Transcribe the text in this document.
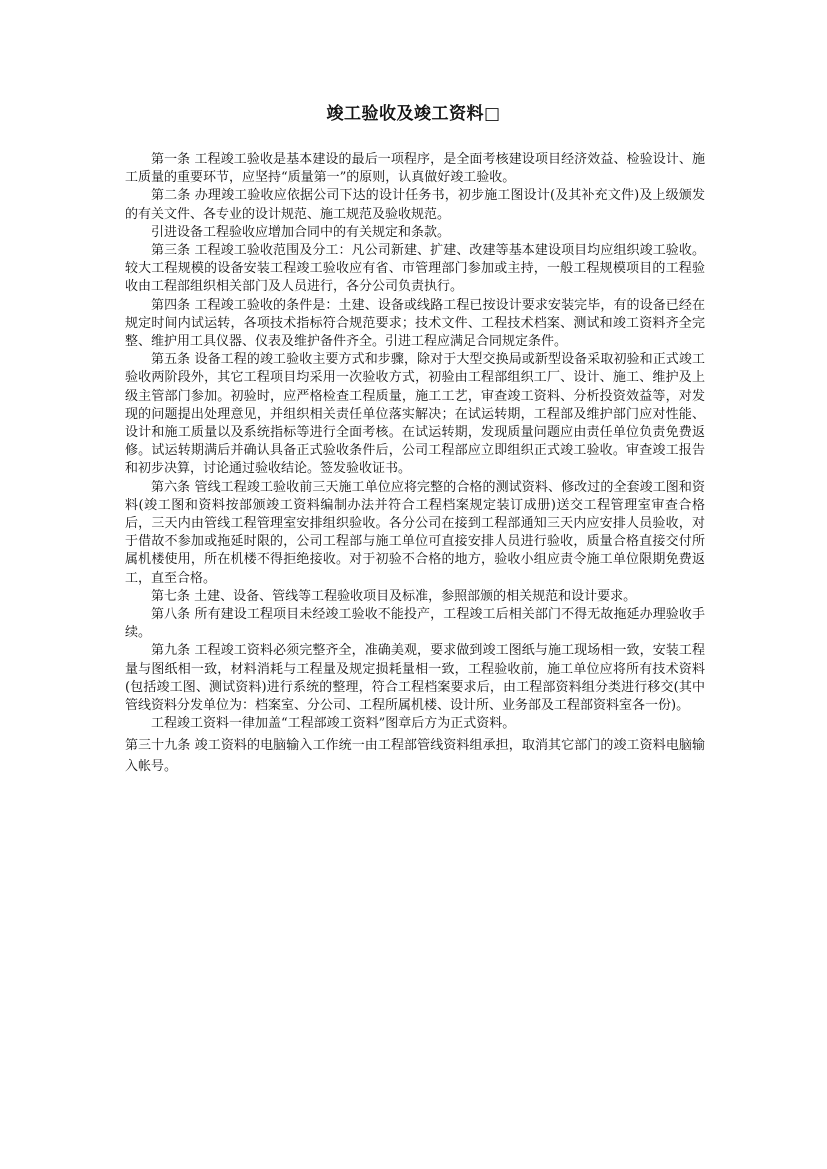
竣工验收及竣工资料□

第一条 工程竣工验收是基本建设的最后一项程序，是全面考核建设项目经济效益、检验设计、施工质量的重要环节，应坚持“质量第一”的原则，认真做好竣工验收。

第二条 办理竣工验收应依据公司下达的设计任务书，初步施工图设计(及其补充文件)及上级颁发的有关文件、各专业的设计规范、施工规范及验收规范。

引进设备工程验收应增加合同中的有关规定和条款。

第三条 工程竣工验收范围及分工：凡公司新建、扩建、改建等基本建设项目均应组织竣工验收。较大工程规模的设备安装工程竣工验收应有省、市管理部门参加或主持，一般工程规模项目的工程验收由工程部组织相关部门及人员进行，各分公司负责执行。

第四条 工程竣工验收的条件是：土建、设备或线路工程已按设计要求安装完毕，有的设备已经在规定时间内试运转，各项技术指标符合规范要求；技术文件、工程技术档案、测试和竣工资料齐全完整、维护用工具仪器、仪表及维护备件齐全。引进工程应满足合同规定条件。

第五条 设备工程的竣工验收主要方式和步骤，除对于大型交换局或新型设备采取初验和正式竣工验收两阶段外，其它工程项目均采用一次验收方式，初验由工程部组织工厂、设计、施工、维护及上级主管部门参加。初验时，应严格检查工程质量，施工工艺，审查竣工资料、分析投资效益等，对发现的问题提出处理意见，并组织相关责任单位落实解决；在试运转期，工程部及维护部门应对性能、设计和施工质量以及系统指标等进行全面考核。在试运转期，发现质量问题应由责任单位负责免费返修。试运转期满后并确认具备正式验收条件后，公司工程部应立即组织正式竣工验收。审查竣工报告和初步决算，讨论通过验收结论。签发验收证书。

第六条 管线工程竣工验收前三天施工单位应将完整的合格的测试资料、修改过的全套竣工图和资料(竣工图和资料按部颁竣工资料编制办法并符合工程档案规定装订成册)送交工程管理室审查合格后，三天内由管线工程管理室安排组织验收。各分公司在接到工程部通知三天内应安排人员验收，对于借故不参加或拖延时限的，公司工程部与施工单位可直接安排人员进行验收，质量合格直接交付所属机楼使用，所在机楼不得拒绝接收。对于初验不合格的地方，验收小组应责令施工单位限期免费返工，直至合格。

第七条 土建、设备、管线等工程验收项目及标准，参照部颁的相关规范和设计要求。

第八条 所有建设工程项目未经竣工验收不能投产，工程竣工后相关部门不得无故拖延办理验收手续。

第九条 工程竣工资料必须完整齐全，准确美观，要求做到竣工图纸与施工现场相一致，安装工程量与图纸相一致，材料消耗与工程量及规定损耗量相一致，工程验收前，施工单位应将所有技术资料(包括竣工图、测试资料)进行系统的整理，符合工程档案要求后，由工程部资料组分类进行移交(其中管线资料分发单位为：档案室、分公司、工程所属机楼、设计所、业务部及工程部资料室各一份)。

工程竣工资料一律加盖“工程部竣工资料”图章后方为正式资料。

第三十九条 竣工资料的电脑输入工作统一由工程部管线资料组承担，取消其它部门的竣工资料电脑输入帐号。
